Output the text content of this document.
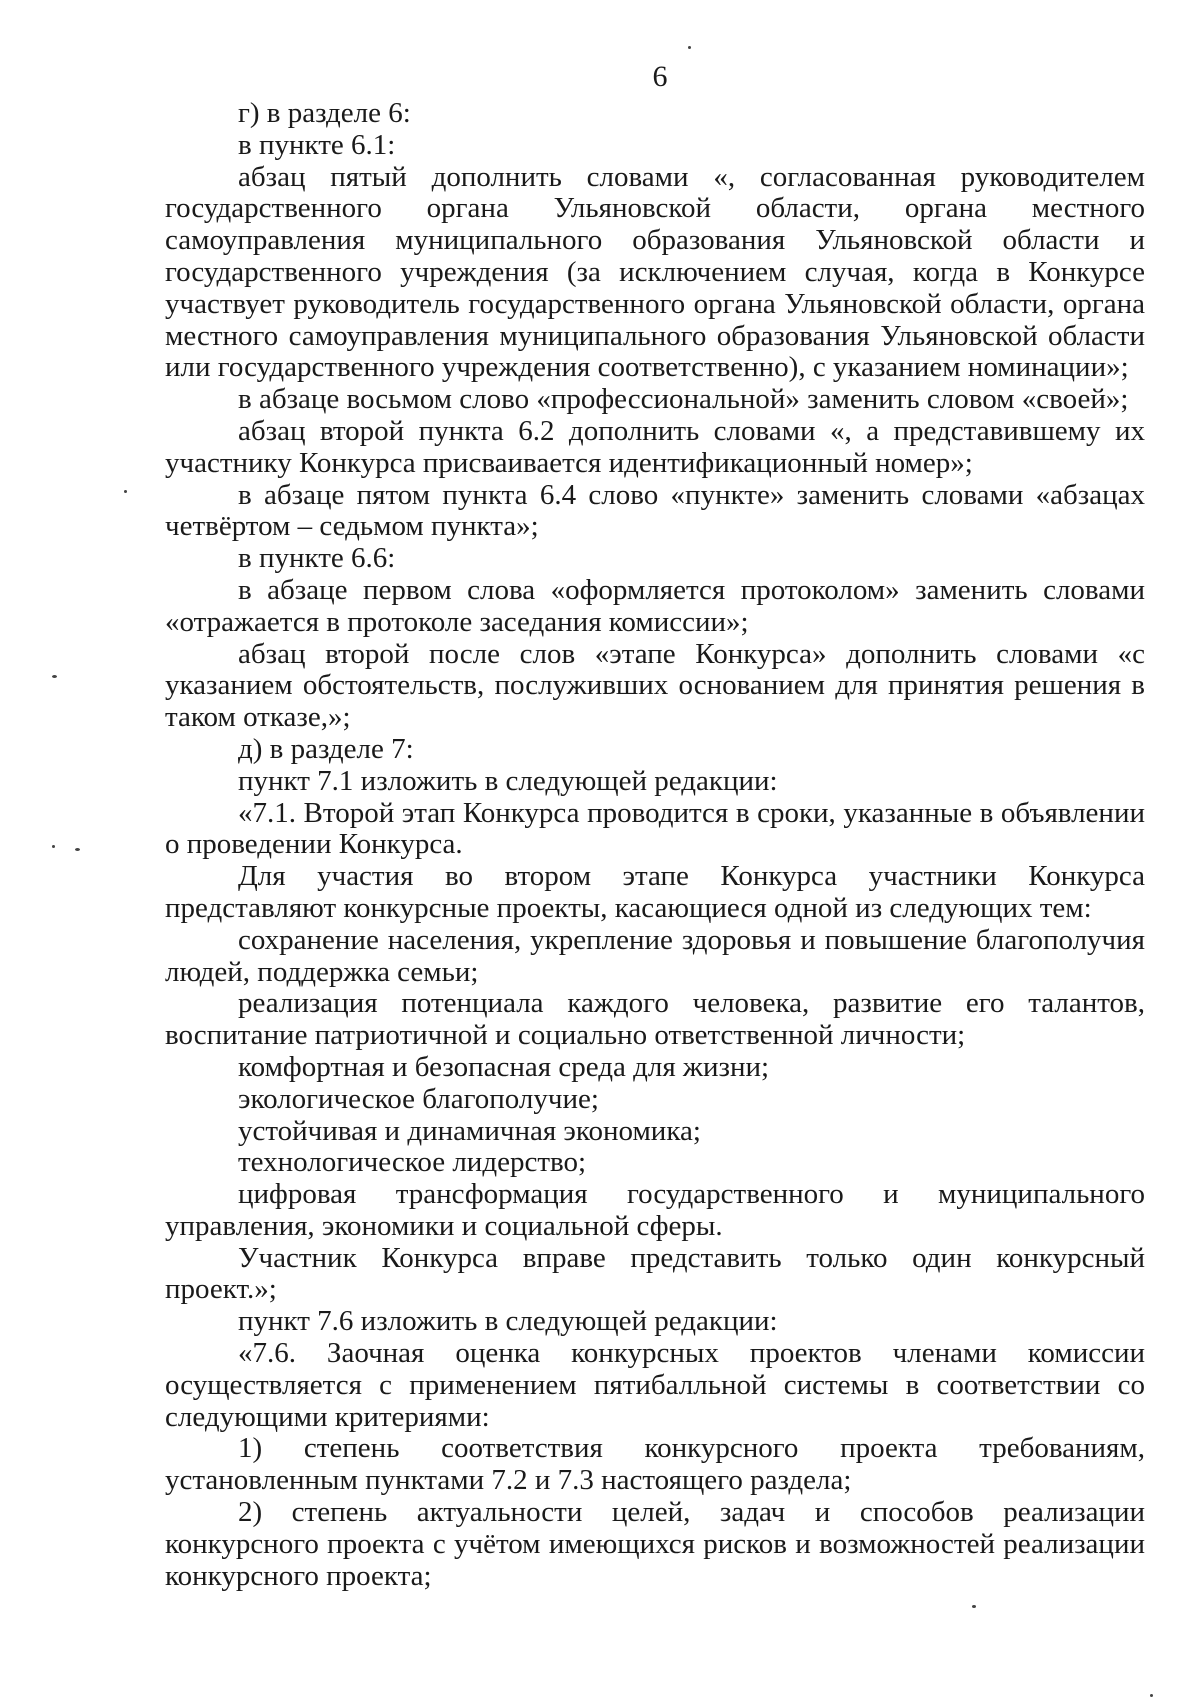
6

г) в разделе 6:

в пункте 6.1:

абзац пятый дополнить словами «, согласованная руководителем государственного органа Ульяновской области, органа местного самоуправления муниципального образования Ульяновской области и государственного учреждения (за исключением случая, когда в Конкурсе участвует руководитель государственного органа Ульяновской области, органа местного самоуправления муниципального образования Ульяновской области или государственного учреждения соответственно), с указанием номинации»;

в абзаце восьмом слово «профессиональной» заменить словом «своей»;

абзац второй пункта 6.2 дополнить словами «, а представившему их участнику Конкурса присваивается идентификационный номер»;

в абзаце пятом пункта 6.4 слово «пункте» заменить словами «абзацах четвёртом – седьмом пункта»;

в пункте 6.6:

в абзаце первом слова «оформляется протоколом» заменить словами «отражается в протоколе заседания комиссии»;

абзац второй после слов «этапе Конкурса» дополнить словами «с указанием обстоятельств, послуживших основанием для принятия решения в таком отказе,»;

д) в разделе 7:

пункт 7.1 изложить в следующей редакции:

«7.1. Второй этап Конкурса проводится в сроки, указанные в объявлении о проведении Конкурса.

Для участия во втором этапе Конкурса участники Конкурса представляют конкурсные проекты, касающиеся одной из следующих тем:

сохранение населения, укрепление здоровья и повышение благополучия людей, поддержка семьи;

реализация потенциала каждого человека, развитие его талантов, воспитание патриотичной и социально ответственной личности;

комфортная и безопасная среда для жизни;

экологическое благополучие;

устойчивая и динамичная экономика;

технологическое лидерство;

цифровая трансформация государственного и муниципального управления, экономики и социальной сферы.

Участник Конкурса вправе представить только один конкурсный проект.»;

пункт 7.6 изложить в следующей редакции:

«7.6. Заочная оценка конкурсных проектов членами комиссии осуществляется с применением пятибалльной системы в соответствии со следующими критериями:

1) степень соответствия конкурсного проекта требованиям, установленным пунктами 7.2 и 7.3 настоящего раздела;

2) степень актуальности целей, задач и способов реализации конкурсного проекта с учётом имеющихся рисков и возможностей реализации конкурсного проекта;
